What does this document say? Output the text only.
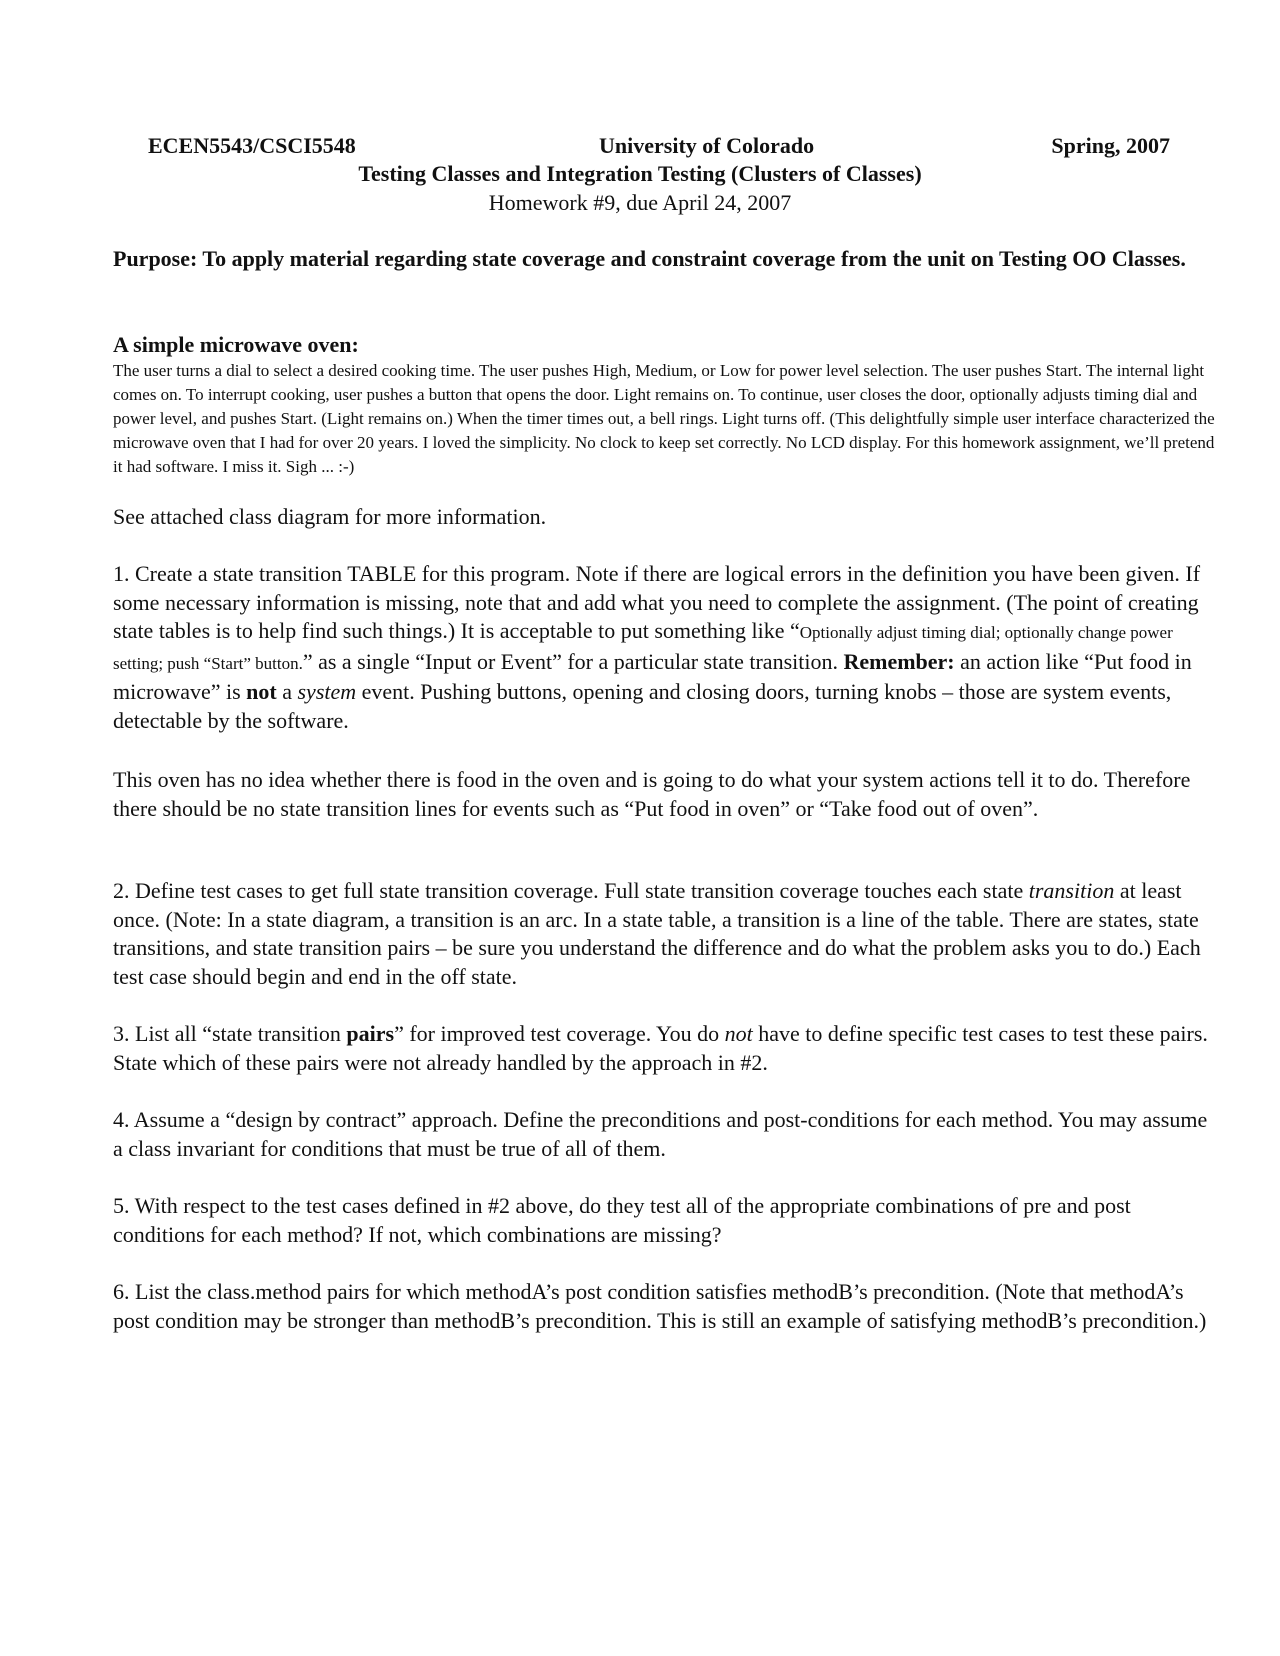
ECEN5543/CSCI5548	University of Colorado	Spring, 2007
Testing Classes and Integration Testing (Clusters of Classes)
Homework #9, due April 24, 2007
Purpose: To apply material regarding state coverage and constraint coverage from the unit on Testing OO Classes.
A simple microwave oven:
The user turns a dial to select a desired cooking time. The user pushes High, Medium, or Low for power level selection. The user pushes Start. The internal light comes on. To interrupt cooking, user pushes a button that opens the door. Light remains on. To continue, user closes the door, optionally adjusts timing dial and power level, and pushes Start. (Light remains on.) When the timer times out, a bell rings. Light turns off. (This delightfully simple user interface characterized the microwave oven that I had for over 20 years. I loved the simplicity. No clock to keep set correctly. No LCD display. For this homework assignment, we’ll pretend it had software. I miss it. Sigh ... :-)
See attached class diagram for more information.
1. Create a state transition TABLE for this program. Note if there are logical errors in the definition you have been given. If some necessary information is missing, note that and add what you need to complete the assignment. (The point of creating state tables is to help find such things.) It is acceptable to put something like “Optionally adjust timing dial; optionally change power setting; push “Start” button.” as a single “Input or Event” for a particular state transition. Remember: an action like “Put food in microwave” is not a system event. Pushing buttons, opening and closing doors, turning knobs – those are system events, detectable by the software.
This oven has no idea whether there is food in the oven and is going to do what your system actions tell it to do. Therefore there should be no state transition lines for events such as “Put food in oven” or “Take food out of oven”.
2. Define test cases to get full state transition coverage. Full state transition coverage touches each state transition at least once. (Note: In a state diagram, a transition is an arc. In a state table, a transition is a line of the table. There are states, state transitions, and state transition pairs – be sure you understand the difference and do what the problem asks you to do.) Each test case should begin and end in the off state.
3. List all “state transition pairs” for improved test coverage. You do not have to define specific test cases to test these pairs. State which of these pairs were not already handled by the approach in #2.
4. Assume a “design by contract” approach. Define the preconditions and post-conditions for each method. You may assume a class invariant for conditions that must be true of all of them.
5. With respect to the test cases defined in #2 above, do they test all of the appropriate combinations of pre and post conditions for each method? If not, which combinations are missing?
6. List the class.method pairs for which methodA’s post condition satisfies methodB’s precondition. (Note that methodA’s post condition may be stronger than methodB’s precondition. This is still an example of satisfying methodB’s precondition.)
